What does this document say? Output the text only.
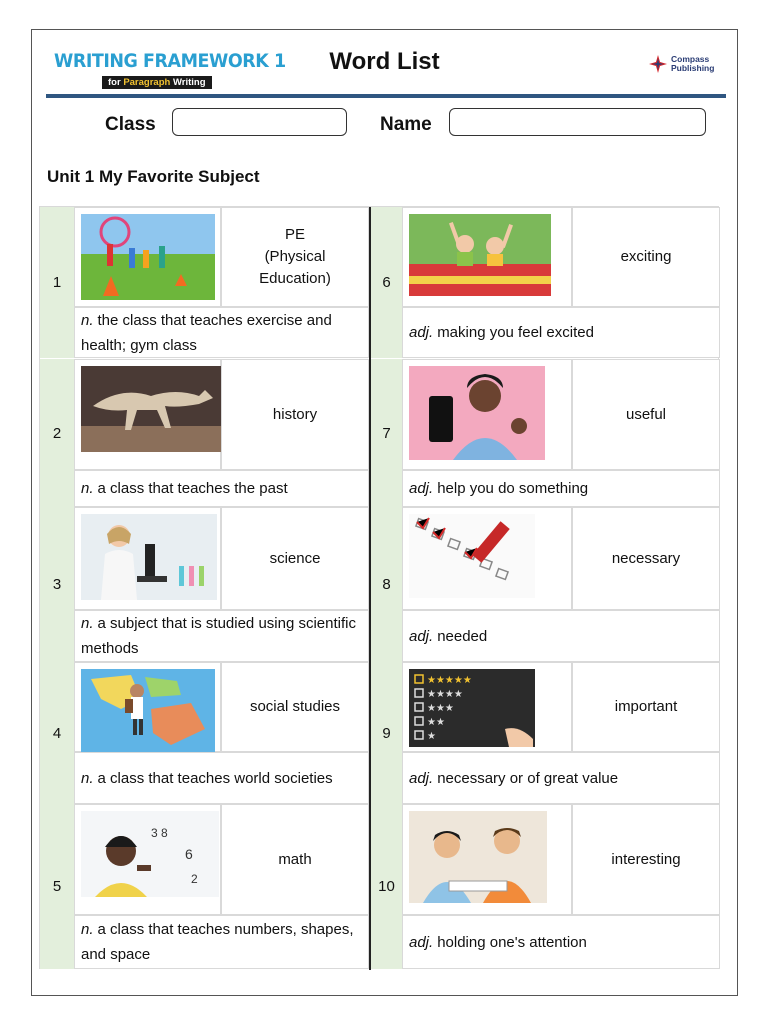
WRITING FRAMEWORK 1
for Paragraph Writing
Word List	Compass
Publishing
Class	Name
Unit 1 My Favorite Subject
1
PE
(Physical
Education)
n. the class that teaches exercise and health; gym class
2
history
n. a class that teaches the past
3
science
n. a subject that is studied using scientific methods
4
social studies
n. a class that teaches world societies
5
3 8
6
2
math
n. a class that teaches numbers, shapes, and space
6
exciting
adj. making you feel excited
7
useful
adj. help you do something
8
necessary
adj. needed
9
★★★★★
★★★★
★★★
★★
★
important
adj. necessary or of great value
10
interesting
adj. holding one's attention
